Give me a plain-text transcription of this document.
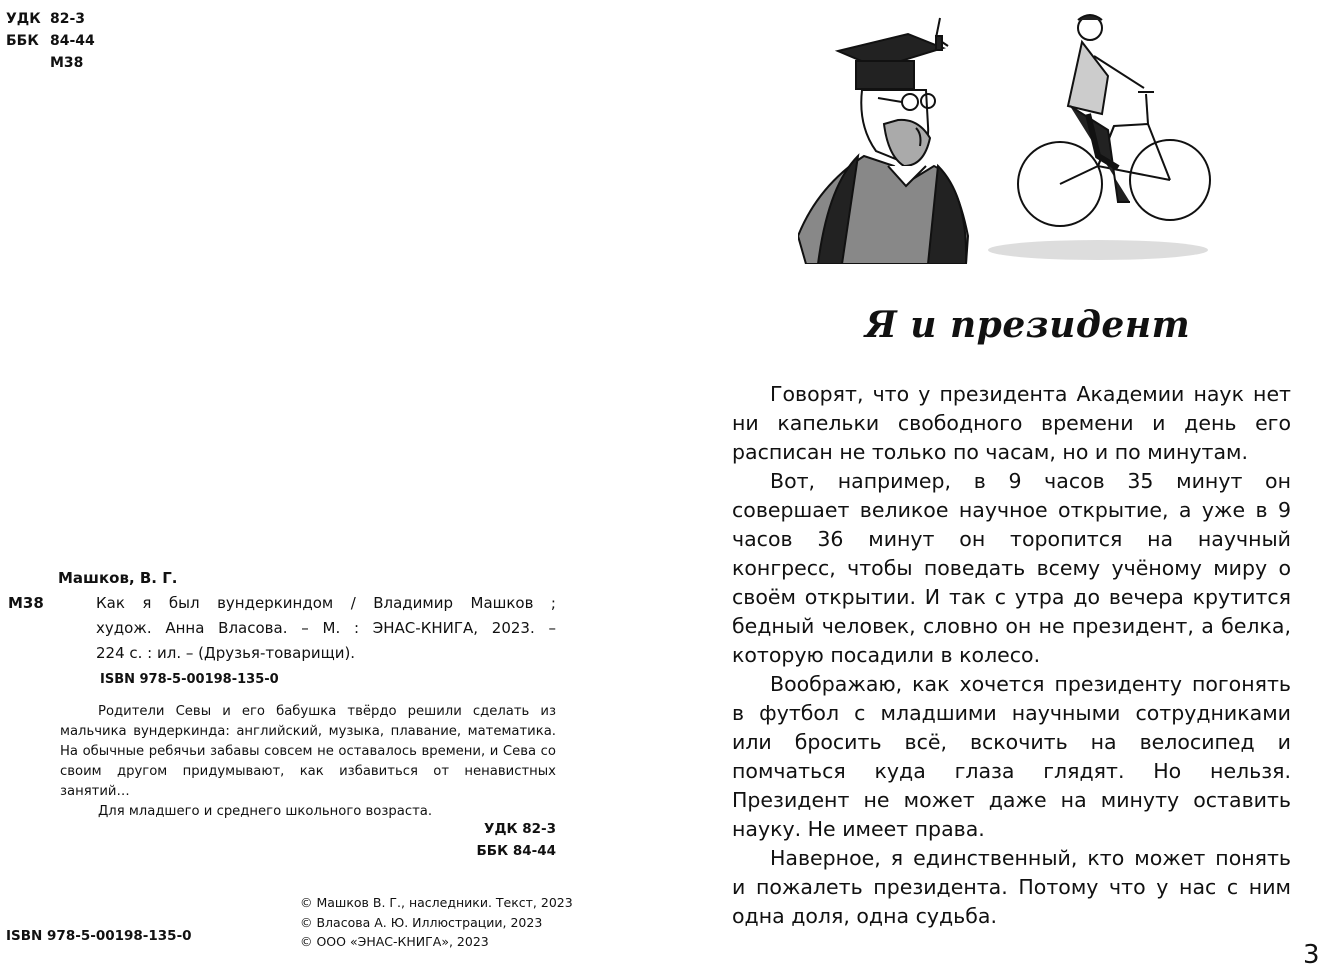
УДК 82-3
ББК 84-44
М38
Машков, В. Г.
М38	Как я был вундеркиндом / Владимир Машков ;
худож. Анна Власова. – М. : ЭНАС-КНИГА, 2023. –
224 с. : ил. – (Друзья-товарищи).
ISBN 978-5-00198-135-0

Родители Севы и его бабушка твёрдо решили сделать из мальчика вундеркинда: английский, музыка, плавание, математика. На обычные ребячьи забавы совсем не оставалось времени, и Сева со своим другом придумывают, как избавиться от ненавистных занятий…

Для младшего и среднего школьного возраста.

УДК 82-3
ББК 84-44
© Машков В. Г., наследники. Текст, 2023
© Власова А. Ю. Иллюстрации, 2023
© ООО «ЭНАС-КНИГА», 2023
ISBN 978-5-00198-135-0
Я и президент

Говорят, что у президента Академии наук нет ни капельки свободного времени и день его расписан не только по часам, но и по минутам.

Вот, например, в 9 часов 35 минут он совершает великое научное открытие, а уже в 9 часов 36 минут он торопится на научный конгресс, чтобы поведать всему учёному миру о своём открытии. И так с утра до вечера крутится бедный человек, словно он не президент, а белка, которую посадили в колесо.

Воображаю, как хочется президенту погонять в футбол с младшими научными сотрудниками или бросить всё, вскочить на велосипед и помчаться куда глаза глядят. Но нельзя. Президент не может даже на минуту оставить науку. Не имеет права.

Наверное, я единственный, кто может понять и пожалеть президента. Потому что у нас с ним одна доля, одна судьба.

3
